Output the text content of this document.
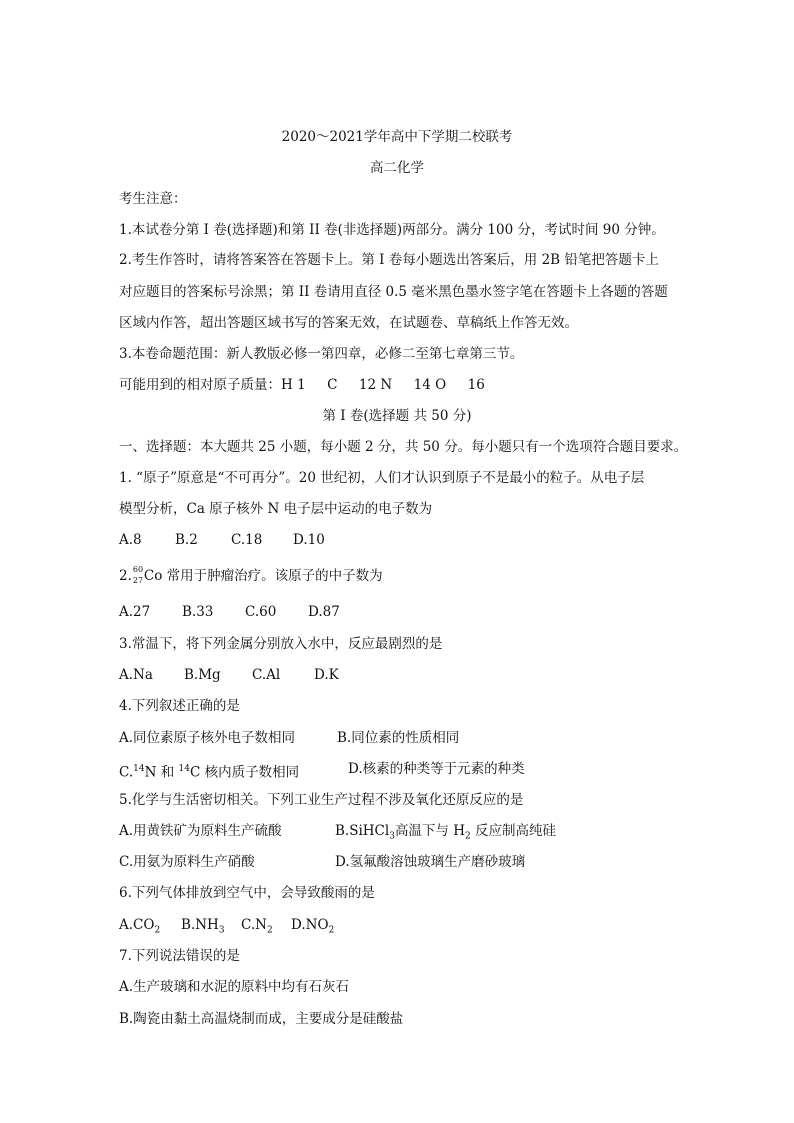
2020～2021学年高中下学期二校联考
高二化学
考生注意：
1.本试卷分第 I 卷(选择题)和第 II 卷(非选择题)两部分。满分 100 分，考试时间 90 分钟。
2.考生作答时，请将答案答在答题卡上。第 I 卷每小题选出答案后，用 2B 铅笔把答题卡上
对应题目的答案标号涂黑；第 II 卷请用直径 0.5 毫米黑色墨水签字笔在答题卡上各题的答题
区域内作答，超出答题区域书写的答案无效，在试题卷、草稿纸上作答无效。
3.本卷命题范围：新人教版必修一第四章，必修二至第七章第三节。
可能用到的相对原子质量：H 1     C     12 N     14 O     16
第 I 卷(选择题 共 50 分)
一、选择题：本大题共 25 小题，每小题 2 分，共 50 分。每小题只有一个选项符合题目要求。
1. “原子”原意是“不可再分”。20 世纪初，人们才认识到原子不是最小的粒子。从电子层
模型分析，Ca 原子核外 N 电子层中运动的电子数为
A.8 B.2 C.18 D.10
2. 60
27 Co 常用于肿瘤治疗。该原子的中子数为
A.27 B.33 C.60 D.87
3.常温下，将下列金属分别放入水中，反应最剧烈的是
A.Na B.Mg C.Al	D.K
4.下列叙述正确的是
A.同位素原子核外电子数相同	B.同位素的性质相同
C.$^{14}$N 和 $^{14}$C 核内质子数相同	D.核素的种类等于元素的种类
5.化学与生活密切相关。下列工业生产过程不涉及氧化还原反应的是
A.用黄铁矿为原料生产硫酸	B.SiHCl$_3$高温下与 $H_2$ 反应制高纯硅
C.用氨为原料生产硝酸	D.氢氟酸溶蚀玻璃生产磨砂玻璃
6.下列气体排放到空气中，会导致酸雨的是
$A.CO_2$ $B.NH_3$ $C.N_2$ $D.NO_2$
7.下列说法错误的是
A.生产玻璃和水泥的原料中均有石灰石
B.陶瓷由黏土高温烧制而成，主要成分是硅酸盐
